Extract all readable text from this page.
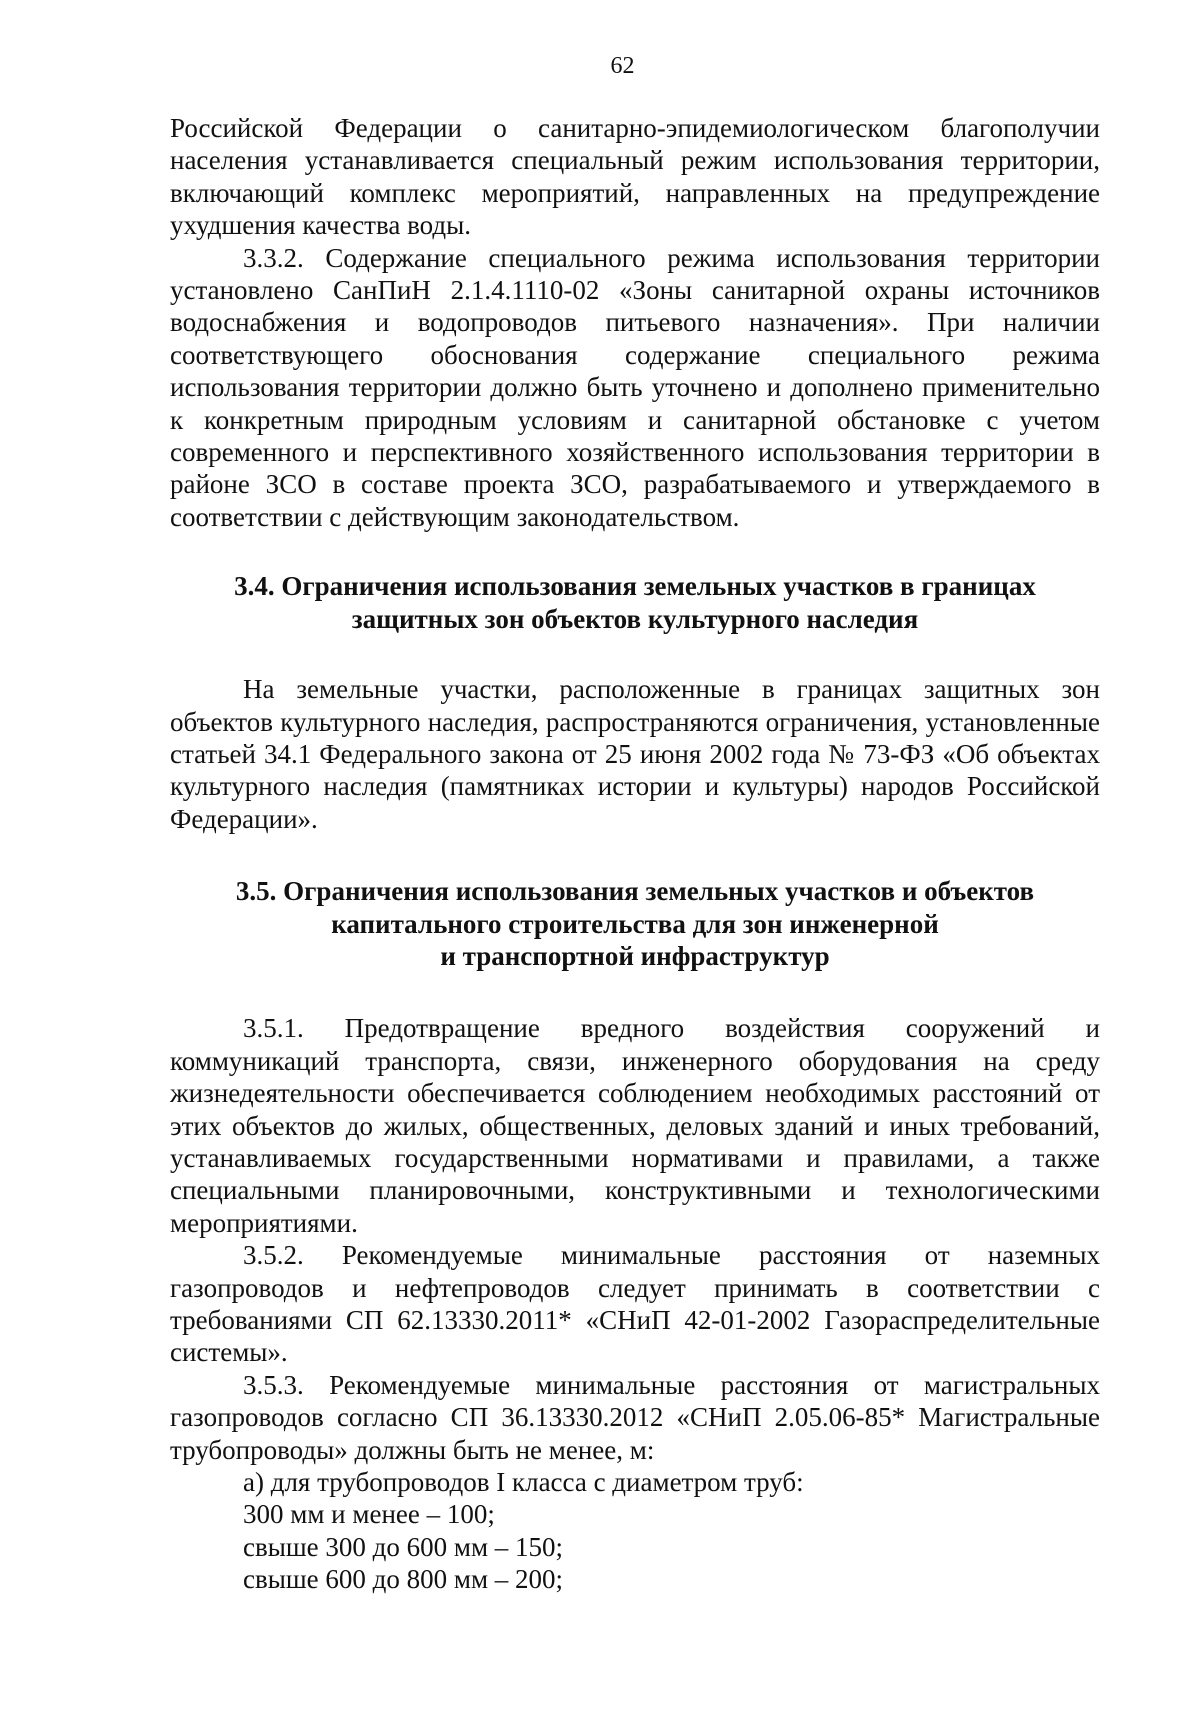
62

Российской Федерации о санитарно-эпидемиологическом благополучии населения устанавливается специальный режим использования территории, включающий комплекс мероприятий, направленных на предупреждение ухудшения качества воды.

3.3.2. Содержание специального режима использования территории установлено СанПиН 2.1.4.1110-02 «Зоны санитарной охраны источников водоснабжения и водопроводов питьевого назначения». При наличии соответствующего обоснования содержание специального режима использования территории должно быть уточнено и дополнено применительно к конкретным природным условиям и санитарной обстановке с учетом современного и перспективного хозяйственного использования территории в районе ЗСО в составе проекта ЗСО, разрабатываемого и утверждаемого в соответствии с действующим законодательством.

3.4. Ограничения использования земельных участков в границах
защитных зон объектов культурного наследия

На земельные участки, расположенные в границах защитных зон объектов культурного наследия, распространяются ограничения, установленные статьей 34.1 Федерального закона от 25 июня 2002 года № 73-ФЗ «Об объектах культурного наследия (памятниках истории и культуры) народов Российской Федерации».

3.5. Ограничения использования земельных участков и объектов
капитального строительства для зон инженерной
и транспортной инфраструктур

3.5.1. Предотвращение вредного воздействия сооружений и коммуникаций транспорта, связи, инженерного оборудования на среду жизнедеятельности обеспечивается соблюдением необходимых расстояний от этих объектов до жилых, общественных, деловых зданий и иных требований, устанавливаемых государственными нормативами и правилами, а также специальными планировочными, конструктивными и технологическими мероприятиями.

3.5.2. Рекомендуемые минимальные расстояния от наземных газопроводов и нефтепроводов следует принимать в соответствии с требованиями СП 62.13330.2011* «СНиП 42-01-2002 Газораспределительные системы».

3.5.3. Рекомендуемые минимальные расстояния от магистральных газопроводов согласно СП 36.13330.2012 «СНиП 2.05.06-85* Магистральные трубопроводы» должны быть не менее, м:

а) для трубопроводов I класса с диаметром труб:

300 мм и менее – 100;

свыше 300 до 600 мм – 150;

свыше 600 до 800 мм – 200;
